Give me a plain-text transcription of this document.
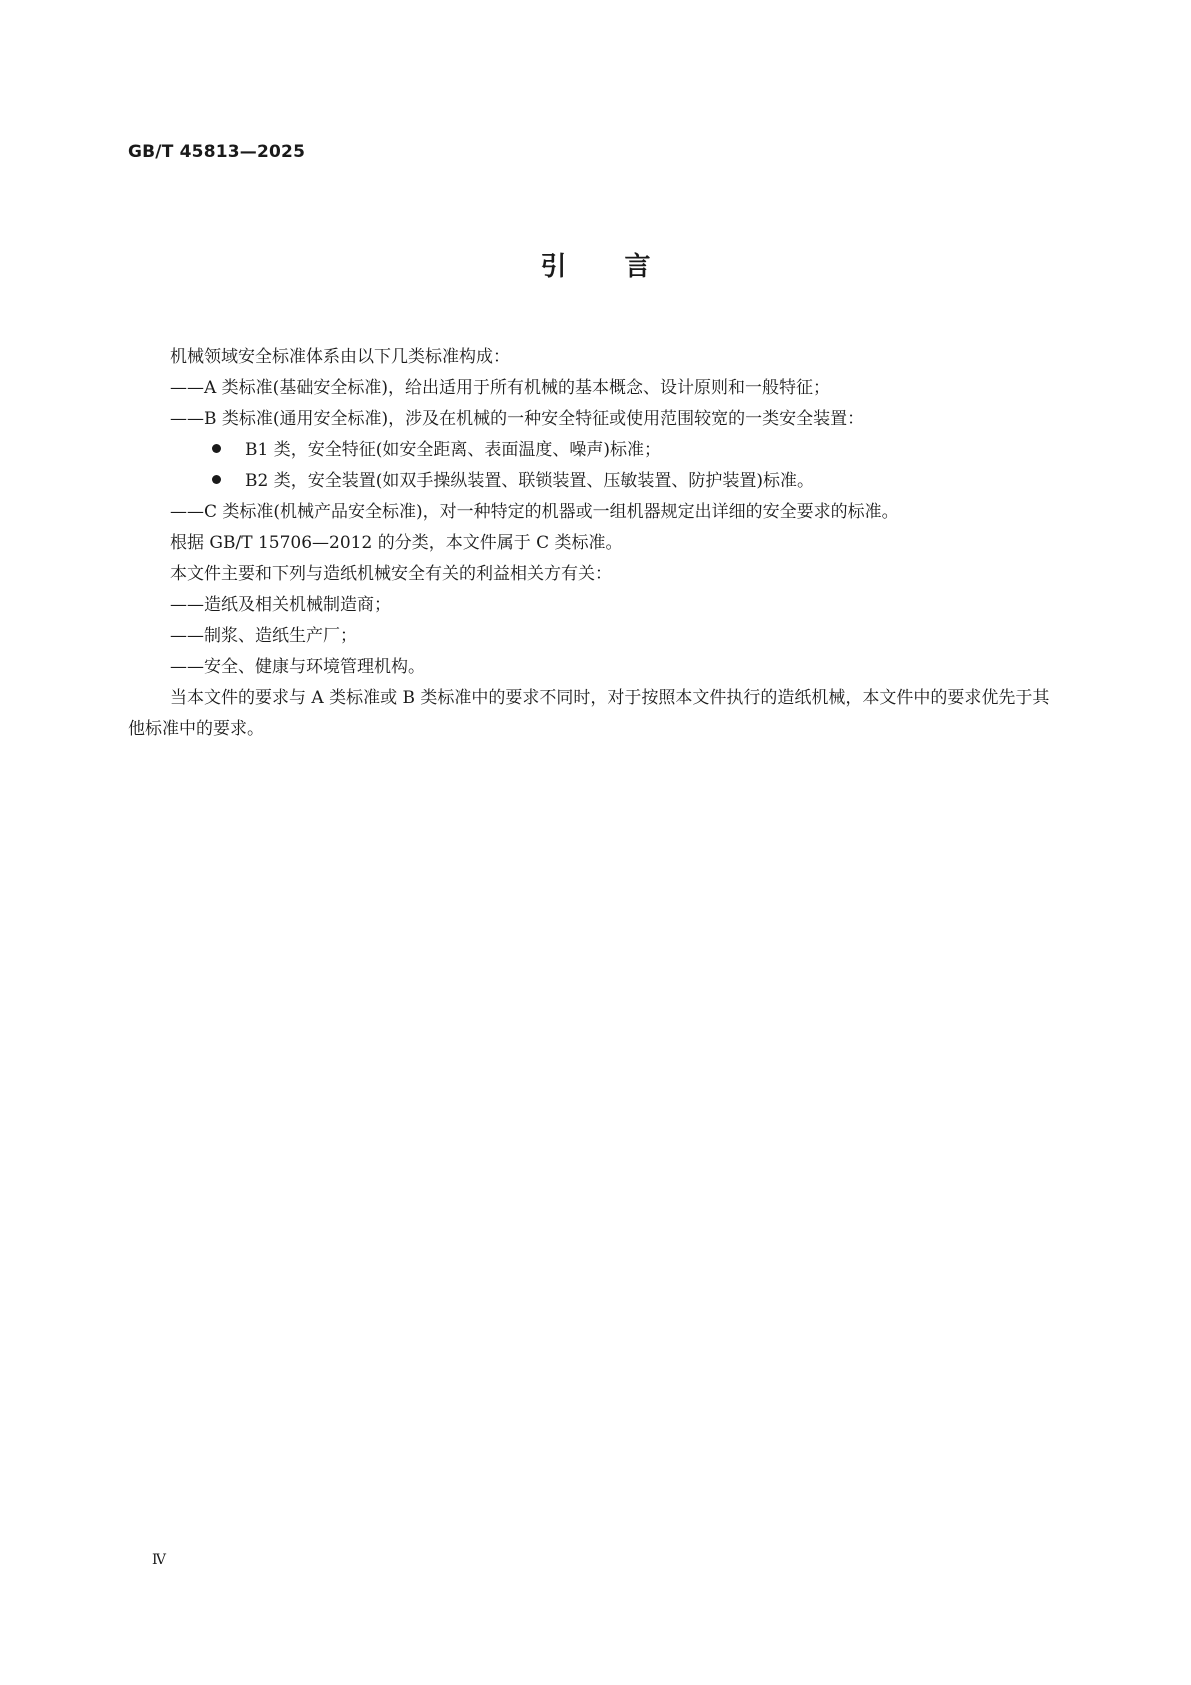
GB/T 45813—2025
引言

机械领域安全标准体系由以下几类标准构成：

——A 类标准(基础安全标准)，给出适用于所有机械的基本概念、设计原则和一般特征；

——B 类标准(通用安全标准)，涉及在机械的一种安全特征或使用范围较宽的一类安全装置：

B1 类，安全特征(如安全距离、表面温度、噪声)标准；

B2 类，安全装置(如双手操纵装置、联锁装置、压敏装置、防护装置)标准。

——C 类标准(机械产品安全标准)，对一种特定的机器或一组机器规定出详细的安全要求的标准。

根据 GB/T 15706—2012 的分类，本文件属于 C 类标准。

本文件主要和下列与造纸机械安全有关的利益相关方有关：

——造纸及相关机械制造商；

——制浆、造纸生产厂；

——安全、健康与环境管理机构。

当本文件的要求与 A 类标准或 B 类标准中的要求不同时，对于按照本文件执行的造纸机械，本文件中的要求优先于其他标准中的要求。

Ⅳ
